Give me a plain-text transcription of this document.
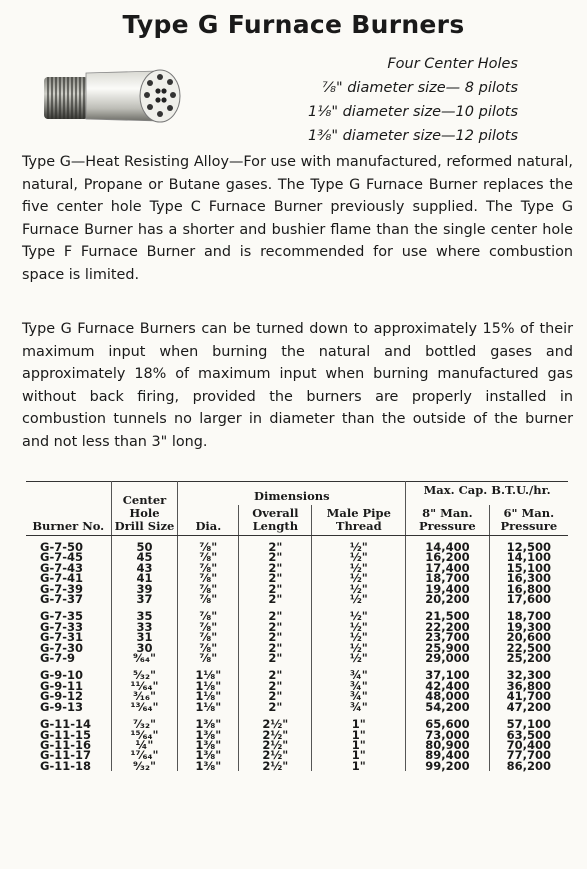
Type G Furnace Burners
Four Center Holes
⅞" diameter size— 8 pilots
1⅛" diameter size—10 pilots
1⅜" diameter size—12 pilots
Type G—Heat Resisting Alloy—For use with manufactured, reformed natural, natural, Propane or Butane gases. The Type G Furnace Burner replaces the five center hole Type C Furnace Burner previously supplied. The Type G Furnace Burner has a shorter and bushier flame than the single center hole Type F Furnace Burner and is recommended for use where combustion space is limited.
Type G Furnace Burners can be turned down to approximately 15% of their maximum input when burning the natural and bottled gases and approximately 18% of maximum input when burning manufactured gas without back firing, provided the burners are properly installed in combustion tunnels no larger in diameter than the outside of the burner and not less than 3" long.
Burner No.	Center Hole Drill Size	Dimensions			Max. Cap. B.T.U./hr.	
		Dia.	Overall Length	Male Pipe Thread	8" Man. Pressure	6" Man. Pressure
G-7-50	50	⅞"	2"	½"	14,400	12,500
G-7-45	45	⅞"	2"	½"	16,200	14,100
G-7-43	43	⅞"	2"	½"	17,400	15,100
G-7-41	41	⅞"	2"	½"	18,700	16,300
G-7-39	39	⅞"	2"	½"	19,400	16,800
G-7-37	37	⅞"	2"	½"	20,200	17,600
G-7-35	35	⅞"	2"	½"	21,500	18,700
G-7-33	33	⅞"	2"	½"	22,200	19,300
G-7-31	31	⅞"	2"	½"	23,700	20,600
G-7-30	30	⅞"	2"	½"	25,900	22,500
G-7-9	⁹⁄₆₄"	⅞"	2"	½"	29,000	25,200
G-9-10	⁵⁄₃₂"	1⅛"	2"	¾"	37,100	32,300
G-9-11	¹¹⁄₆₄"	1⅛"	2"	¾"	42,400	36,800
G-9-12	³⁄₁₆"	1⅛"	2"	¾"	48,000	41,700
G-9-13	¹³⁄₆₄"	1⅛"	2"	¾"	54,200	47,200
G-11-14	⁷⁄₃₂"	1⅜"	2½"	1"	65,600	57,100
G-11-15	¹⁵⁄₆₄"	1⅜"	2½"	1"	73,000	63,500
G-11-16	¼"	1⅜"	2½"	1"	80,900	70,400
G-11-17	¹⁷⁄₆₄"	1⅜"	2½"	1"	89,400	77,700
G-11-18	⁹⁄₃₂"	1⅜"	2½"	1"	99,200	86,200
